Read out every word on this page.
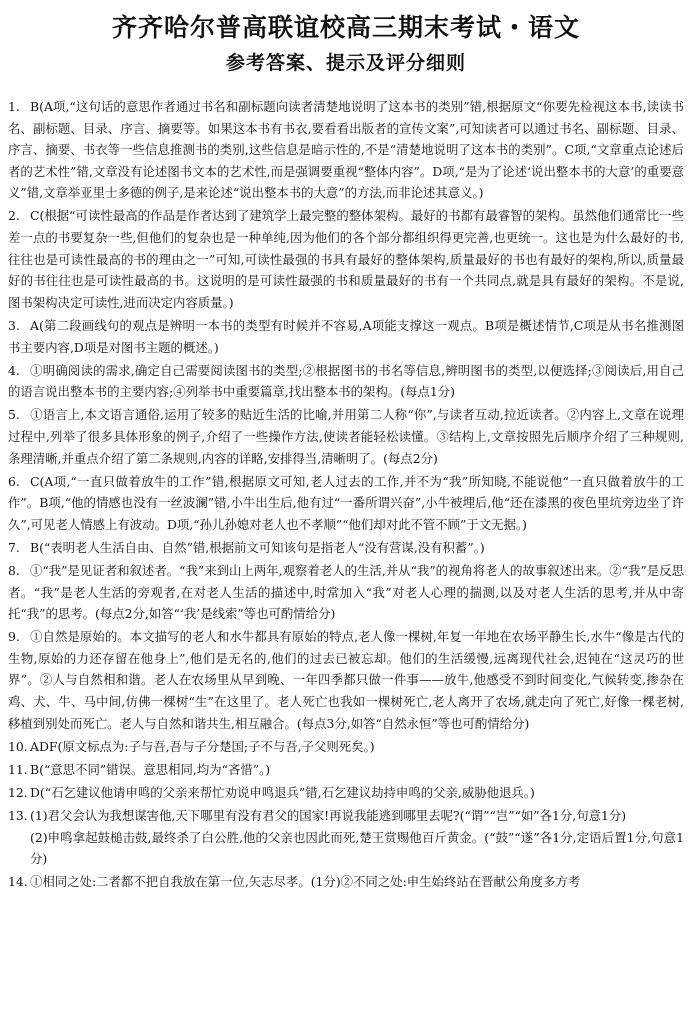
齐齐哈尔普高联谊校高三期末考试・语文
参考答案、提示及评分细则
1. B(A项,“这句话的意思作者通过书名和副标题向读者清楚地说明了这本书的类别”错,根据原文“你要先检视这本书,读读书名、副标题、目录、序言、摘要等。如果这本书有书衣,要看看出版者的宣传文案”,可知读者可以通过书名、副标题、目录、序言、摘要、书衣等一些信息推测书的类别,这些信息是暗示性的,不是“清楚地说明了这本书的类别”。C项,“文章重点论述后者的艺术性”错,文章没有论述图书文本的艺术性,而是强调要重视“整体内容”。D项,“是为了论述‘说出整本书的大意’的重要意义”错,文章举亚里士多德的例子,是来论述“说出整本书的大意”的方法,而非论述其意义。)
2. C(根据“可读性最高的作品是作者达到了建筑学上最完整的整体架构。最好的书都有最睿智的架构。虽然他们通常比一些差一点的书要复杂一些,但他们的复杂也是一种单纯,因为他们的各个部分都组织得更完善,也更统一。这也是为什么最好的书,往往也是可读性最高的书的理由之一”可知,可读性最强的书具有最好的整体架构,质量最好的书也有最好的架构,所以,质量最好的书往往也是可读性最高的书。这说明的是可读性最强的书和质量最好的书有一个共同点,就是具有最好的架构。不是说,图书架构决定可读性,进而决定内容质量。)
3. A(第二段画线句的观点是辨明一本书的类型有时候并不容易,A项能支撑这一观点。B项是概述情节,C项是从书名推测图书主要内容,D项是对图书主题的概述。)
4. ①明确阅读的需求,确定自己需要阅读图书的类型;②根据图书的书名等信息,辨明图书的类型,以便选择;③阅读后,用自己的语言说出整本书的主要内容;④列举书中重要篇章,找出整本书的架构。(每点1分)
5. ①语言上,本文语言通俗,运用了较多的贴近生活的比喻,并用第二人称“你”,与读者互动,拉近读者。②内容上,文章在说理过程中,列举了很多具体形象的例子,介绍了一些操作方法,使读者能轻松读懂。③结构上,文章按照先后顺序介绍了三种规则,条理清晰,并重点介绍了第二条规则,内容的详略,安排得当,清晰明了。(每点2分)
6. C(A项,“一直只做着放牛的工作”错,根据原文可知,老人过去的工作,并不为“我”所知晓,不能说他“一直只做着放牛的工作”。B项,“他的情感也没有一丝波澜”错,小牛出生后,他有过“一番所谓兴奋”,小牛被埋后,他“还在漆黑的夜色里坑旁边坐了许久”,可见老人情感上有波动。D项,“孙儿孙媳对老人也不孝顺”“他们却对此不管不顾”于文无据。)
7. B(“表明老人生活自由、自然”错,根据前文可知该句是指老人“没有营谋,没有积蓄”。)
8. ①“我”是见证者和叙述者。“我”来到山上两年,观察着老人的生活,并从“我”的视角将老人的故事叙述出来。②“我”是反思者。“我”是老人生活的旁观者,在对老人生活的描述中,时常加入“我”对老人心理的揣测,以及对老人生活的思考,并从中寄托“我”的思考。(每点2分,如答“‘我’是线索”等也可酌情给分)
9. ①自然是原始的。本文描写的老人和水牛都具有原始的特点,老人像一棵树,年复一年地在农场平静生长,水牛“像是古代的生物,原始的力还存留在他身上”,他们是无名的,他们的过去已被忘却。他们的生活缓慢,远离现代社会,迟钝在“这灵巧的世界”。②人与自然相和谐。老人在农场里从早到晚、一年四季都只做一件事——放牛,他感受不到时间变化,气候转变,掺杂在鸡、犬、牛、马中间,仿佛一棵树“生”在这里了。老人死亡也我如一棵树死亡,老人离开了农场,就走向了死亡,好像一棵老树,移植到别处而死亡。老人与自然和谐共生,相互融合。(每点3分,如答“自然永恒”等也可酌情给分)
10. ADF(原文标点为:子与吾,吾与子分楚国;子不与吾,子父则死矣。)
11. B(“意思不同”错误。意思相同,均为“吝惜”。)
12. D(“石乞建议他请申鸣的父亲来帮忙劝说申鸣退兵”错,石乞建议劫持申鸣的父亲,威胁他退兵。)
13. (1)君父会认为我想谋害他,天下哪里有没有君父的国家!再说我能逃到哪里去呢?(“谓”“岂”“如”各1分,句意1分)
(2)申鸣拿起鼓槌击鼓,最终杀了白公胜,他的父亲也因此而死,楚王赏赐他百斤黄金。(“鼓”“遂”各1分,定语后置1分,句意1分)
14. ①相同之处:二者都不把自我放在第一位,矢志尽孝。(1分)②不同之处:申生始终站在晋献公角度多方考
